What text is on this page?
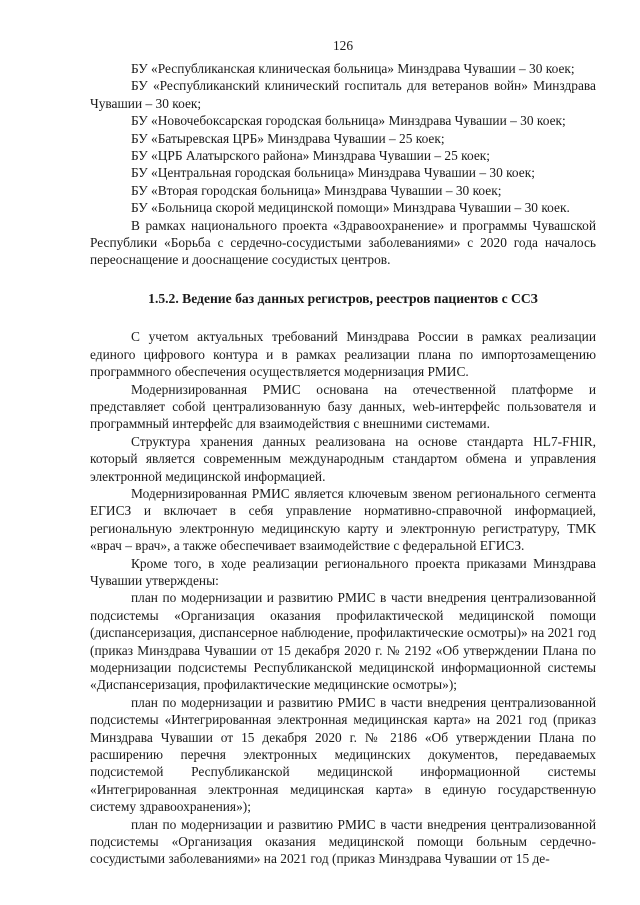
126

БУ «Республиканская клиническая больница» Минздрава Чувашии – 30 коек;

БУ «Республиканский клинический госпиталь для ветеранов войн» Минздрава Чувашии – 30 коек;

БУ «Новочебоксарская городская больница» Минздрава Чувашии – 30 коек;

БУ «Батыревская ЦРБ» Минздрава Чувашии – 25 коек;

БУ «ЦРБ Алатырского района» Минздрава Чувашии – 25 коек;

БУ «Центральная городская больница» Минздрава Чувашии – 30 коек;

БУ «Вторая городская больница» Минздрава Чувашии – 30 коек;

БУ «Больница скорой медицинской помощи» Минздрава Чувашии – 30 коек.

В рамках национального проекта «Здравоохранение» и программы Чувашской Республики «Борьба с сердечно-сосудистыми заболеваниями» с 2020 года началось переоснащение и дооснащение сосудистых центров.

1.5.2. Ведение баз данных регистров, реестров пациентов с ССЗ

С учетом актуальных требований Минздрава России в рамках реализации единого цифрового контура и в рамках реализации плана по импортозамещению программного обеспечения осуществляется модернизация РМИС.

Модернизированная РМИС основана на отечественной платформе и представляет собой централизованную базу данных, web-интерфейс пользователя и программный интерфейс для взаимодействия с внешними системами.

Структура хранения данных реализована на основе стандарта HL7-FHIR, который является современным международным стандартом обмена и управления электронной медицинской информацией.

Модернизированная РМИС является ключевым звеном регионального сегмента ЕГИСЗ и включает в себя управление нормативно-справочной информацией, региональную электронную медицинскую карту и электронную регистратуру, ТМК «врач – врач», а также обеспечивает взаимодействие с федеральной ЕГИСЗ.

Кроме того, в ходе реализации регионального проекта приказами Минздрава Чувашии утверждены:

план по модернизации и развитию РМИС в части внедрения централизованной подсистемы «Организация оказания профилактической медицинской помощи (диспансеризация, диспансерное наблюдение, профилактические осмотры)» на 2021 год (приказ Минздрава Чувашии от 15 декабря 2020 г. № 2192 «Об утверждении Плана по модернизации подсистемы Республиканской медицинской информационной системы «Диспансеризация, профилактические медицинские осмотры»);

план по модернизации и развитию РМИС в части внедрения централизованной подсистемы «Интегрированная электронная медицинская карта» на 2021 год (приказ Минздрава Чувашии от 15 декабря 2020 г. № 2186 «Об утверждении Плана по расширению перечня электронных медицинских документов, передаваемых подсистемой Республиканской медицинской информационной системы «Интегрированная электронная медицинская карта» в единую государственную систему здравоохранения»);

план по модернизации и развитию РМИС в части внедрения централизованной подсистемы «Организация оказания медицинской помощи больным сердечно-сосудистыми заболеваниями» на 2021 год (приказ Минздрава Чувашии от 15 де-
